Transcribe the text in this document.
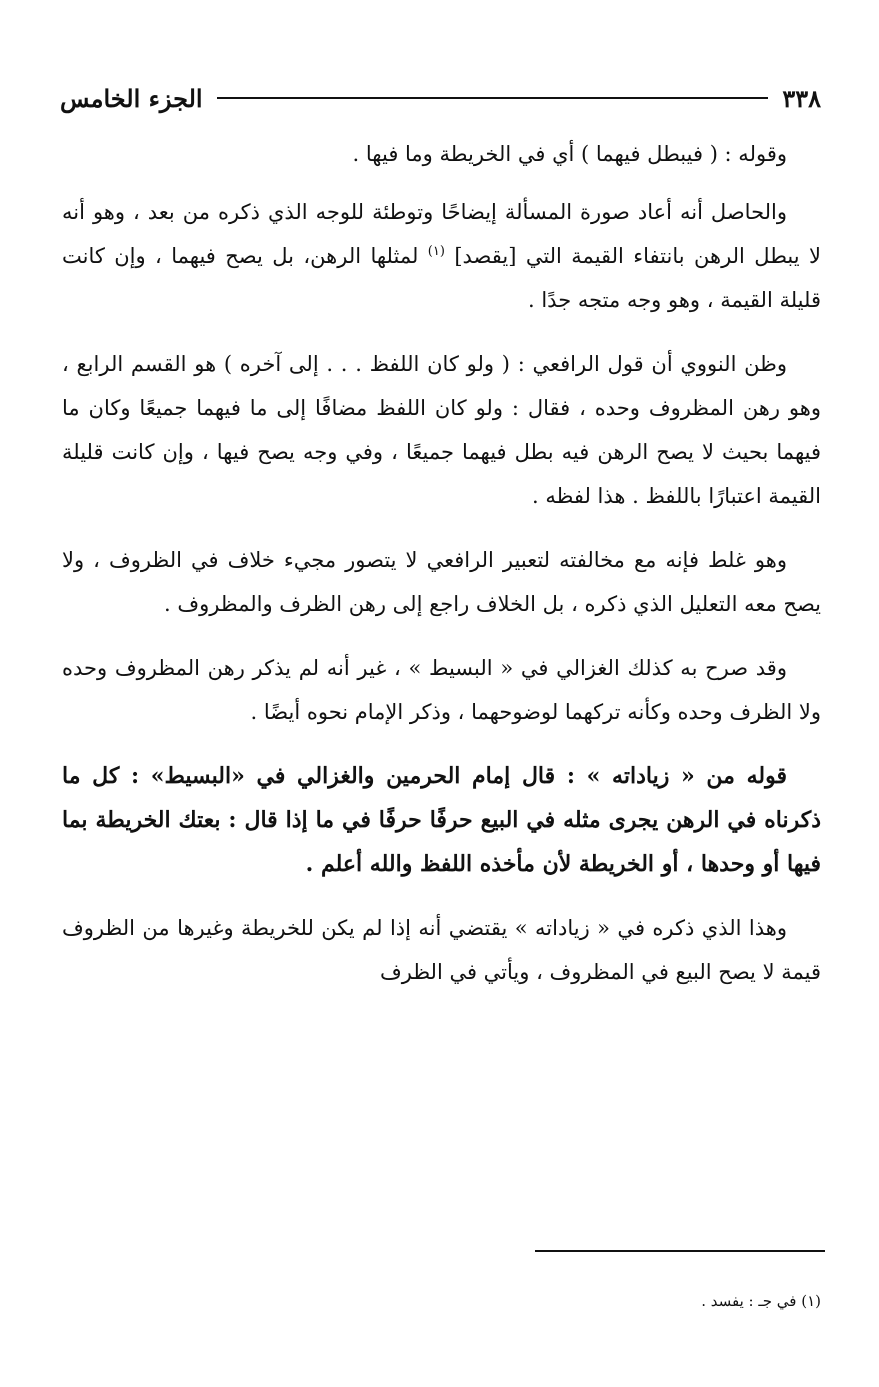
٣٣٨
الجزء الخامس

وقوله : ( فيبطل فيهما ) أي في الخريطة وما فيها .

والحاصل أنه أعاد صورة المسألة إيضاحًا وتوطئة للوجه الذي ذكره من بعد ، وهو أنه لا يبطل الرهن بانتفاء القيمة التي [يقصد] $^{(١)}$ لمثلها الرهن، بل يصح فيهما ، وإن كانت قليلة القيمة ، وهو وجه متجه جدًا .

وظن النووي أن قول الرافعي : ( ولو كان اللفظ . . . إلى آخره ) هو القسم الرابع ، وهو رهن المظروف وحده ، فقال : ولو كان اللفظ مضافًا إلى ما فيهما جميعًا وكان ما فيهما بحيث لا يصح الرهن فيه بطل فيهما جميعًا ، وفي وجه يصح فيها ، وإن كانت قليلة القيمة اعتبارًا باللفظ . هذا لفظه .

وهو غلط فإنه مع مخالفته لتعبير الرافعي لا يتصور مجيء خلاف في الظروف ، ولا يصح معه التعليل الذي ذكره ، بل الخلاف راجع إلى رهن الظرف والمظروف .

وقد صرح به كذلك الغزالي في « البسيط » ، غير أنه لم يذكر رهن المظروف وحده ولا الظرف وحده وكأنه تركهما لوضوحهما ، وذكر الإمام نحوه أيضًا .

قوله من « زياداته » : قال إمام الحرمين والغزالي في «البسيط» : كل ما ذكرناه في الرهن يجرى مثله في البيع حرفًا حرفًا في ما إذا قال : بعتك الخريطة بما فيها أو وحدها ، أو الخريطة لأن مأخذه اللفظ والله أعلم .

وهذا الذي ذكره في « زياداته » يقتضي أنه إذا لم يكن للخريطة وغيرها من الظروف قيمة لا يصح البيع في المظروف ، ويأتي في الظرف

(١) في جـ : يفسد .
